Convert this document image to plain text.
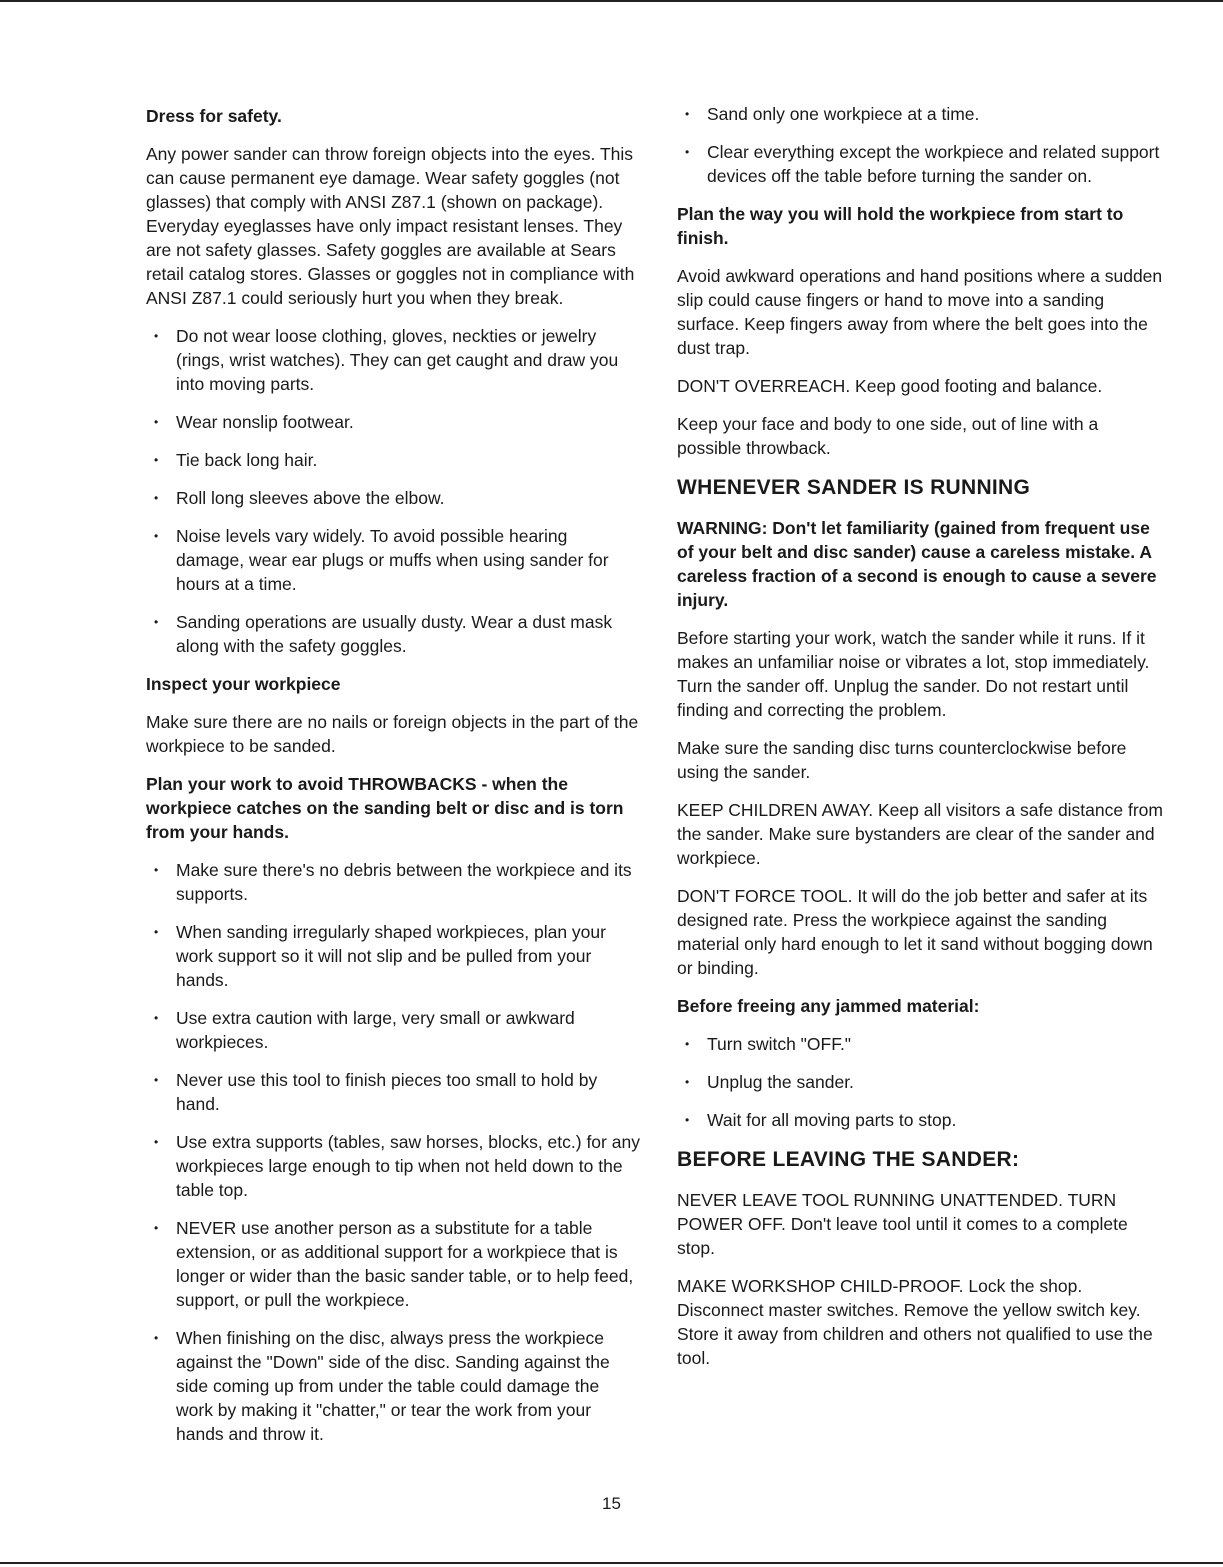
Dress for safety.
Any power sander can throw foreign objects into the eyes. This can cause permanent eye damage. Wear safety goggles (not glasses) that comply with ANSI Z87.1 (shown on package). Everyday eyeglasses have only impact resistant lenses. They are not safety glasses. Safety goggles are available at Sears retail catalog stores. Glasses or goggles not in compliance with ANSI Z87.1 could seriously hurt you when they break.
• Do not wear loose clothing, gloves, neckties or jewelry (rings, wrist watches). They can get caught and draw you into moving parts.
• Wear nonslip footwear.
• Tie back long hair.
• Roll long sleeves above the elbow.
• Noise levels vary widely. To avoid possible hearing damage, wear ear plugs or muffs when using sander for hours at a time.
• Sanding operations are usually dusty. Wear a dust mask along with the safety goggles.
Inspect your workpiece
Make sure there are no nails or foreign objects in the part of the workpiece to be sanded.
Plan your work to avoid THROWBACKS - when the workpiece catches on the sanding belt or disc and is torn from your hands.
• Make sure there's no debris between the workpiece and its supports.
• When sanding irregularly shaped workpieces, plan your work support so it will not slip and be pulled from your hands.
• Use extra caution with large, very small or awkward workpieces.
• Never use this tool to finish pieces too small to hold by hand.
• Use extra supports (tables, saw horses, blocks, etc.) for any workpieces large enough to tip when not held down to the table top.
• NEVER use another person as a substitute for a table extension, or as additional support for a workpiece that is longer or wider than the basic sander table, or to help feed, support, or pull the workpiece.
• When finishing on the disc, always press the workpiece against the "Down" side of the disc. Sanding against the side coming up from under the table could damage the work by making it "chatter," or tear the work from your hands and throw it.
• Sand only one workpiece at a time.
• Clear everything except the workpiece and related support devices off the table before turning the sander on.
Plan the way you will hold the workpiece from start to finish.
Avoid awkward operations and hand positions where a sudden slip could cause fingers or hand to move into a sanding surface. Keep fingers away from where the belt goes into the dust trap.
DON'T OVERREACH. Keep good footing and balance.
Keep your face and body to one side, out of line with a possible throwback.
WHENEVER SANDER IS RUNNING
WARNING: Don't let familiarity (gained from frequent use of your belt and disc sander) cause a careless mistake. A careless fraction of a second is enough to cause a severe injury.
Before starting your work, watch the sander while it runs. If it makes an unfamiliar noise or vibrates a lot, stop immediately. Turn the sander off. Unplug the sander. Do not restart until finding and correcting the problem.
Make sure the sanding disc turns counterclockwise before using the sander.
KEEP CHILDREN AWAY. Keep all visitors a safe distance from the sander. Make sure bystanders are clear of the sander and workpiece.
DON'T FORCE TOOL. It will do the job better and safer at its designed rate. Press the workpiece against the sanding material only hard enough to let it sand without bogging down or binding.
Before freeing any jammed material:
• Turn switch "OFF."
• Unplug the sander.
• Wait for all moving parts to stop.
BEFORE LEAVING THE SANDER:
NEVER LEAVE TOOL RUNNING UNATTENDED. TURN POWER OFF. Don't leave tool until it comes to a complete stop.
MAKE WORKSHOP CHILD-PROOF. Lock the shop. Disconnect master switches. Remove the yellow switch key. Store it away from children and others not qualified to use the tool.
15
